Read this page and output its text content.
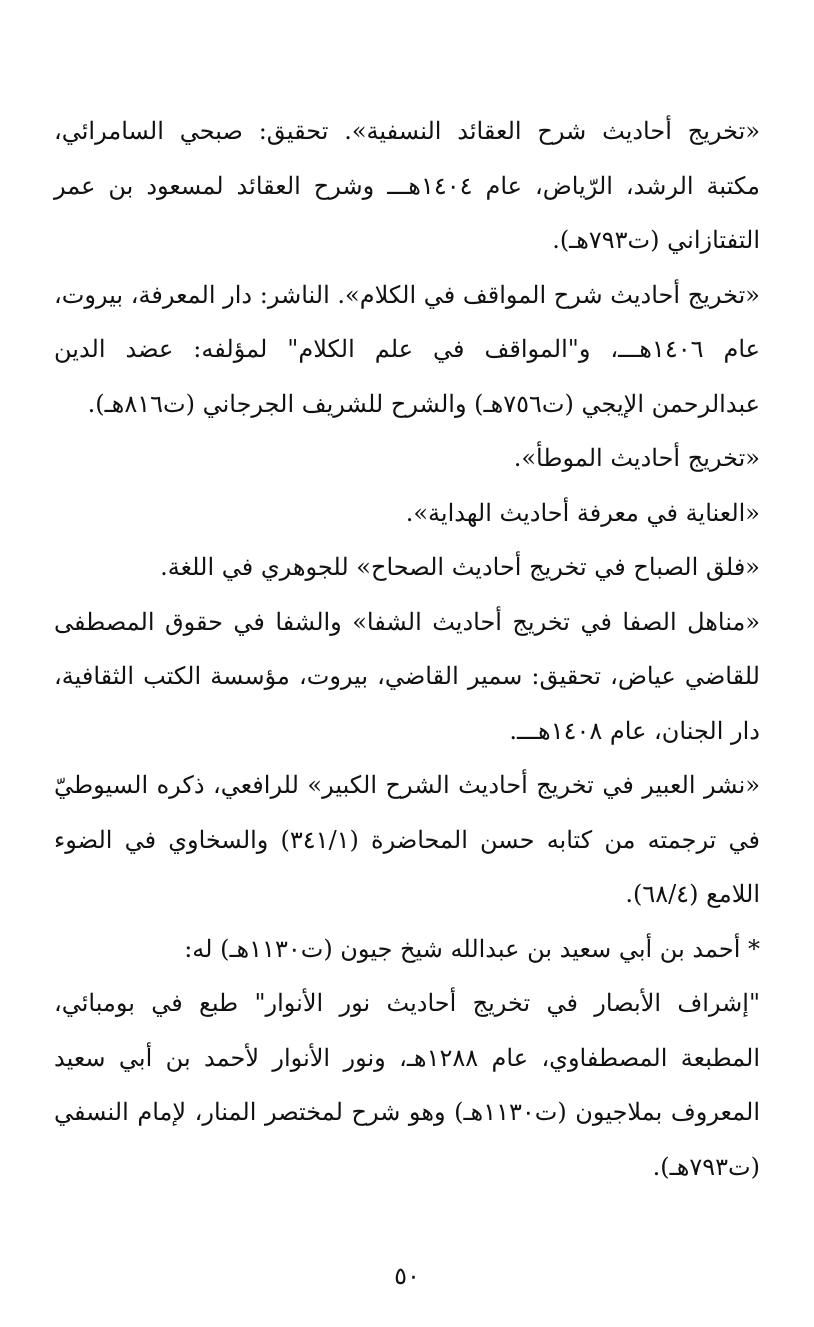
«تخريج أحاديث شرح العقائد النسفية». تحقيق: صبحي السامرائي، مكتبة الرشد، الرّياض، عام ١٤٠٤هـــ وشرح العقائد لمسعود بن عمر التفتازاني (ت٧٩٣هـ).

«تخريج أحاديث شرح المواقف في الكلام». الناشر: دار المعرفة، بيروت، عام ١٤٠٦هـــ، و"المواقف في علم الكلام" لمؤلفه: عضد الدين عبدالرحمن الإيجي (ت٧٥٦هـ) والشرح للشريف الجرجاني (ت٨١٦هـ).

«تخريج أحاديث الموطأ».

«العناية في معرفة أحاديث الهداية».

«فلق الصباح في تخريج أحاديث الصحاح» للجوهري في اللغة.

«مناهل الصفا في تخريج أحاديث الشفا» والشفا في حقوق المصطفى للقاضي عياض، تحقيق: سمير القاضي، بيروت، مؤسسة الكتب الثقافية، دار الجنان، عام ١٤٠٨هـــ.

«نشر العبير في تخريج أحاديث الشرح الكبير» للرافعي، ذكره السيوطيّ في ترجمته من كتابه حسن المحاضرة (٣٤١/١) والسخاوي في الضوء اللامع (٦٨/٤).

* أحمد بن أبي سعيد بن عبدالله شيخ جيون (ت١١٣٠هـ) له:

"إشراف الأبصار في تخريج أحاديث نور الأنوار" طبع في بومبائي، المطبعة المصطفاوي، عام ١٢٨٨هـ، ونور الأنوار لأحمد بن أبي سعيد المعروف بملاجيون (ت١١٣٠هـ) وهو شرح لمختصر المنار، لإمام النسفي (ت٧٩٣هـ).

٥٠
